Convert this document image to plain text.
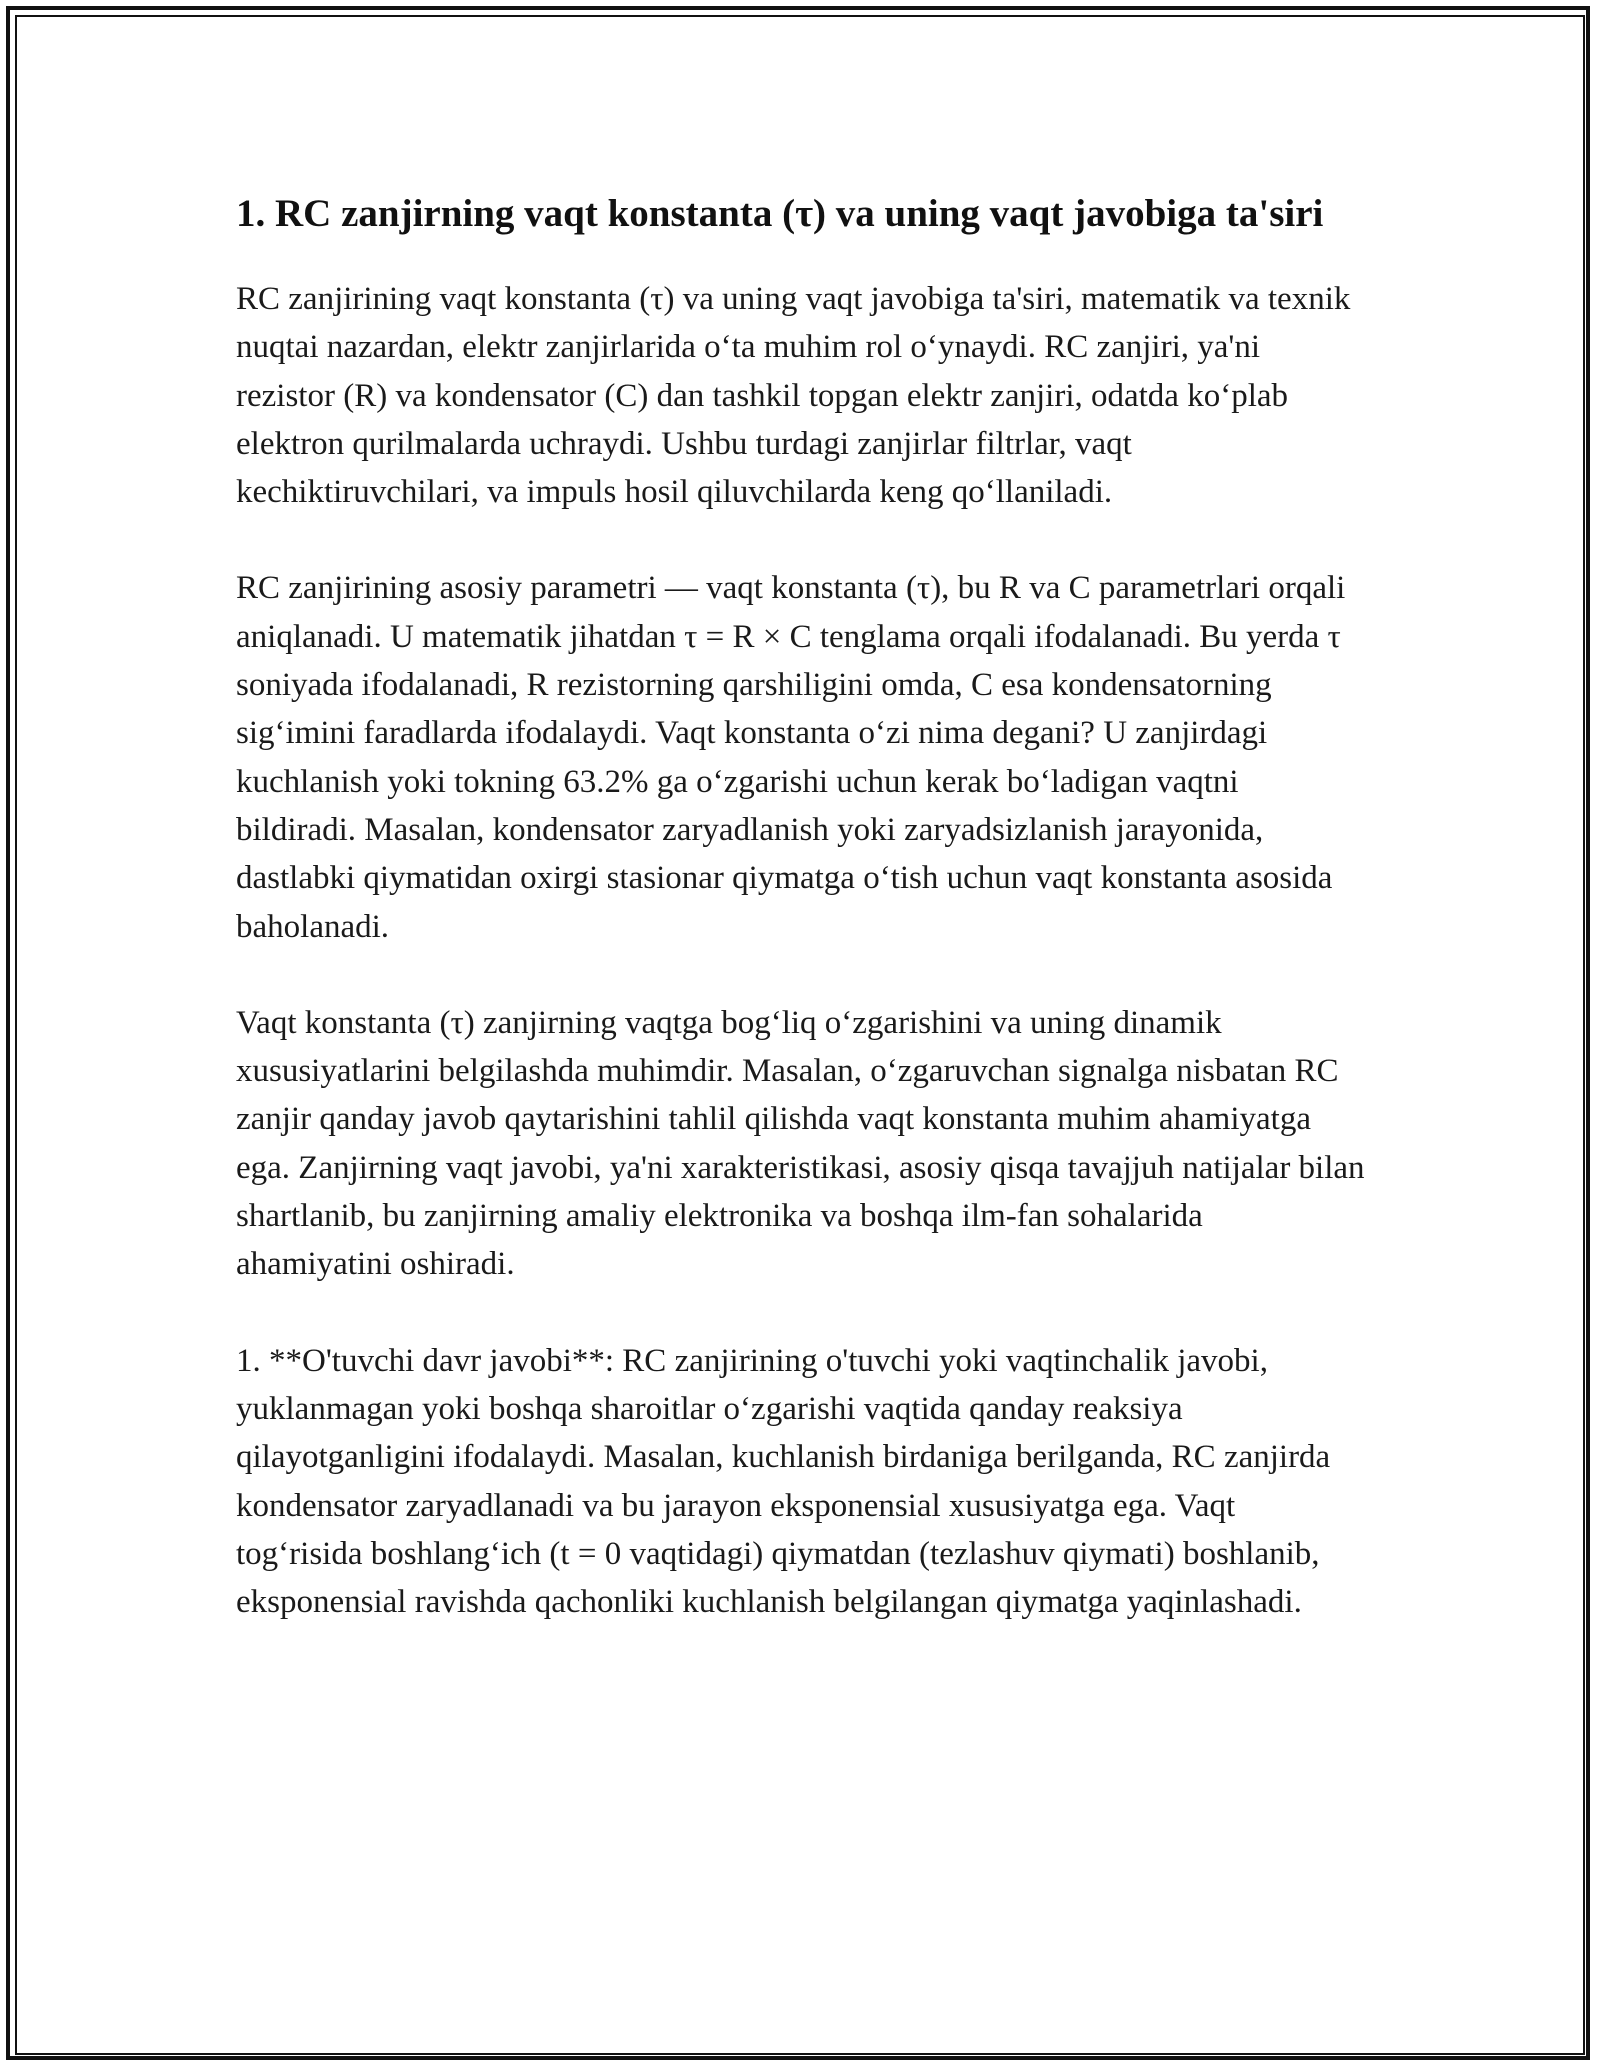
1. RC zanjirning vaqt konstanta (τ) va uning vaqt javobiga ta'siri

RC zanjirining vaqt konstanta (τ) va uning vaqt javobiga ta'siri, matematik va texnik nuqtai nazardan, elektr zanjirlarida o‘ta muhim rol o‘ynaydi. RC zanjiri, ya'ni rezistor (R) va kondensator (C) dan tashkil topgan elektr zanjiri, odatda ko‘plab elektron qurilmalarda uchraydi. Ushbu turdagi zanjirlar filtrlar, vaqt kechiktiruvchilari, va impuls hosil qiluvchilarda keng qo‘llaniladi.

RC zanjirining asosiy parametri — vaqt konstanta (τ), bu R va C parametrlari orqali aniqlanadi. U matematik jihatdan τ = R × C tenglama orqali ifodalanadi. Bu yerda τ soniyada ifodalanadi, R rezistorning qarshiligini omda, C esa kondensatorning sig‘imini faradlarda ifodalaydi. Vaqt konstanta o‘zi nima degani? U zanjirdagi kuchlanish yoki tokning 63.2% ga o‘zgarishi uchun kerak bo‘ladigan vaqtni bildiradi. Masalan, kondensator zaryadlanish yoki zaryadsizlanish jarayonida, dastlabki qiymatidan oxirgi stasionar qiymatga o‘tish uchun vaqt konstanta asosida baholanadi.

Vaqt konstanta (τ) zanjirning vaqtga bog‘liq o‘zgarishini va uning dinamik xususiyatlarini belgilashda muhimdir. Masalan, o‘zgaruvchan signalga nisbatan RC zanjir qanday javob qaytarishini tahlil qilishda vaqt konstanta muhim ahamiyatga ega. Zanjirning vaqt javobi, ya'ni xarakteristikasi, asosiy qisqa tavajjuh natijalar bilan shartlanib, bu zanjirning amaliy elektronika va boshqa ilm-fan sohalarida ahamiyatini oshiradi.

1. **O'tuvchi davr javobi**: RC zanjirining o'tuvchi yoki vaqtinchalik javobi, yuklanmagan yoki boshqa sharoitlar o‘zgarishi vaqtida qanday reaksiya qilayotganligini ifodalaydi. Masalan, kuchlanish birdaniga berilganda, RC zanjirda kondensator zaryadlanadi va bu jarayon eksponensial xususiyatga ega. Vaqt tog‘risida boshlang‘ich (t = 0 vaqtidagi) qiymatdan (tezlashuv qiymati) boshlanib, eksponensial ravishda qachonliki kuchlanish belgilangan qiymatga yaqinlashadi.
